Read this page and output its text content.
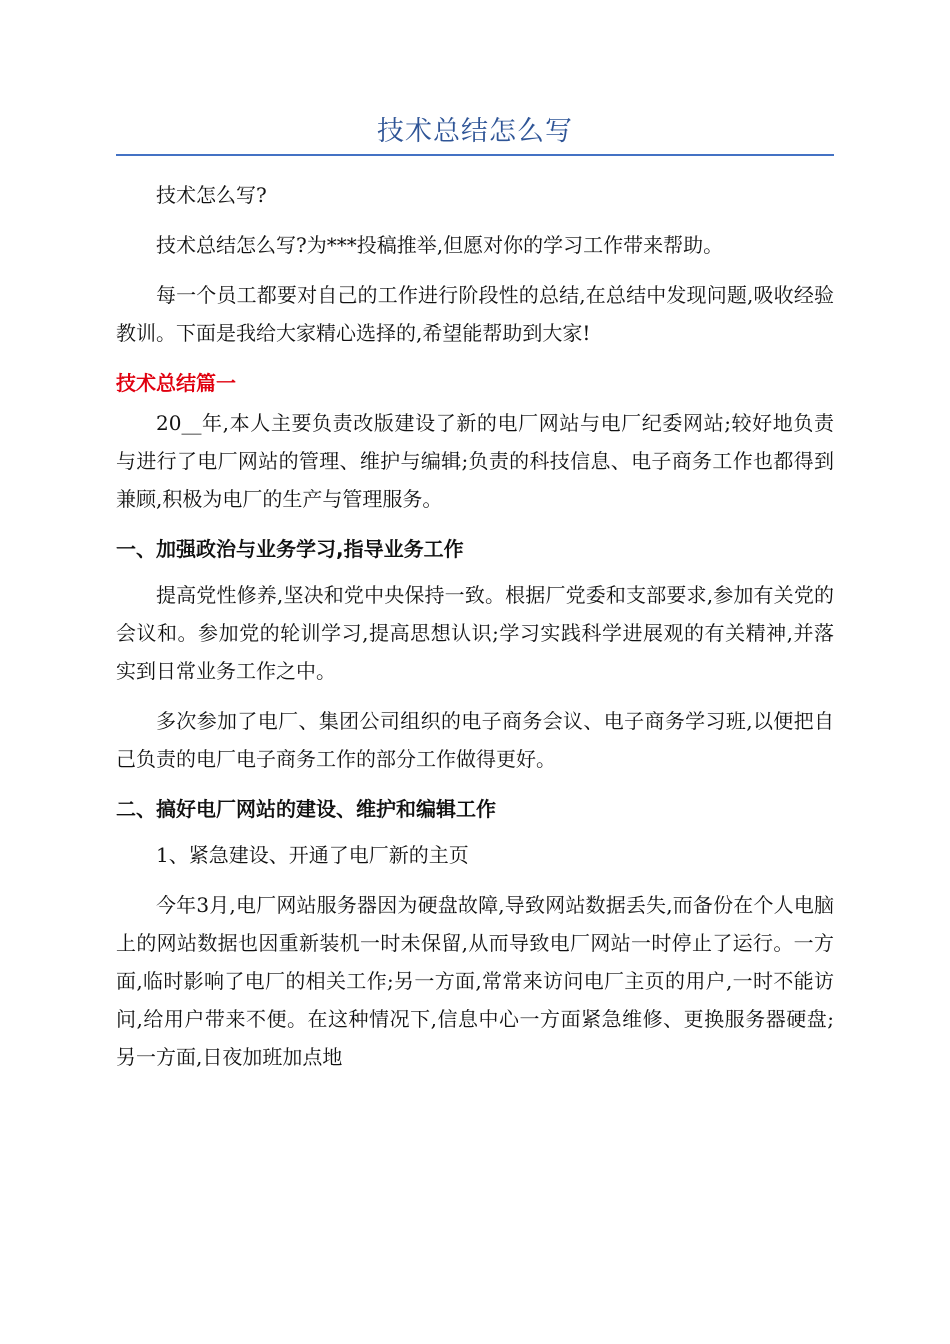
技术总结怎么写

技术怎么写?

技术总结怎么写?为***投稿推举,但愿对你的学习工作带来帮助。

每一个员工都要对自己的工作进行阶段性的总结,在总结中发现问题,吸收经验教训。下面是我给大家精心选择的,希望能帮助到大家!

技术总结篇一

20__年,本人主要负责改版建设了新的电厂网站与电厂纪委网站;较好地负责与进行了电厂网站的管理、维护与编辑;负责的科技信息、电子商务工作也都得到兼顾,积极为电厂的生产与管理服务。

一、加强政治与业务学习,指导业务工作

提高党性修养,坚决和党中央保持一致。根据厂党委和支部要求,参加有关党的会议和。参加党的轮训学习,提高思想认识;学习实践科学进展观的有关精神,并落实到日常业务工作之中。

多次参加了电厂、集团公司组织的电子商务会议、电子商务学习班,以便把自己负责的电厂电子商务工作的部分工作做得更好。

二、搞好电厂网站的建设、维护和编辑工作

1、紧急建设、开通了电厂新的主页

今年3月,电厂网站服务器因为硬盘故障,导致网站数据丢失,而备份在个人电脑上的网站数据也因重新装机一时未保留,从而导致电厂网站一时停止了运行。一方面,临时影响了电厂的相关工作;另一方面,常常来访问电厂主页的用户,一时不能访问,给用户带来不便。在这种情况下,信息中心一方面紧急维修、更换服务器硬盘;另一方面,日夜加班加点地
